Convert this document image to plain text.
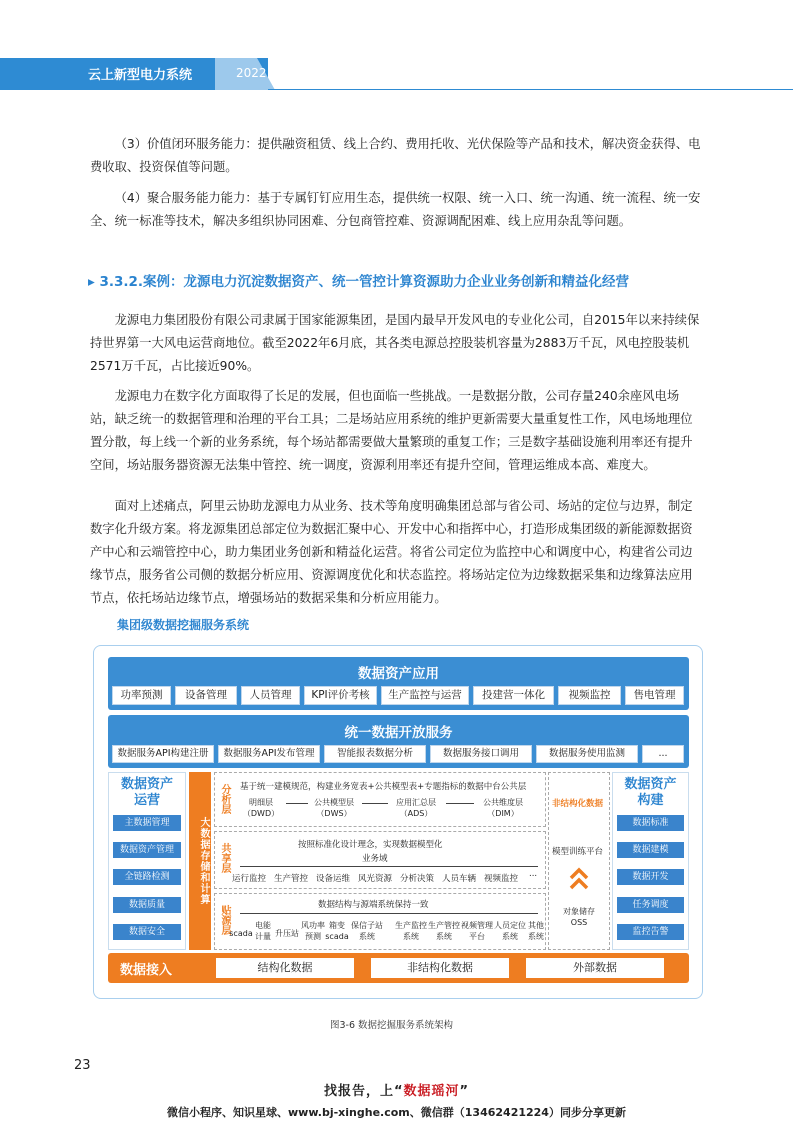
云上新型电力系统	2022

（3）价值闭环服务能力：提供融资租赁、线上合约、费用托收、光伏保险等产品和技术，解决资金获得、电费收取、投资保值等问题。

（4）聚合服务能力能力：基于专属钉钉应用生态，提供统一权限、统一入口、统一沟通、统一流程、统一安全、统一标准等技术，解决多组织协同困难、分包商管控难、资源调配困难、线上应用杂乱等问题。

▸ 3.3.2.案例：龙源电力沉淀数据资产、统一管控计算资源助力企业业务创新和精益化经营

龙源电力集团股份有限公司隶属于国家能源集团，是国内最早开发风电的专业化公司，自2015年以来持续保持世界第一大风电运营商地位。截至2022年6月底，其各类电源总控股装机容量为2883万千瓦，风电控股装机2571万千瓦，占比接近90%。

龙源电力在数字化方面取得了长足的发展，但也面临一些挑战。一是数据分散，公司存量240余座风电场站，缺乏统一的数据管理和治理的平台工具；二是场站应用系统的维护更新需要大量重复性工作，风电场地理位置分散，每上线一个新的业务系统，每个场站都需要做大量繁琐的重复工作；三是数字基础设施利用率还有提升空间，场站服务器资源无法集中管控、统一调度，资源利用率还有提升空间，管理运维成本高、难度大。

面对上述痛点，阿里云协助龙源电力从业务、技术等角度明确集团总部与省公司、场站的定位与边界，制定数字化升级方案。将龙源集团总部定位为数据汇聚中心、开发中心和指挥中心，打造形成集团级的新能源数据资产中心和云端管控中心，助力集团业务创新和精益化运营。将省公司定位为监控中心和调度中心，构建省公司边缘节点，服务省公司侧的数据分析应用、资源调度优化和状态监控。将场站定位为边缘数据采集和边缘算法应用节点，依托场站边缘节点，增强场站的数据采集和分析应用能力。

集团级数据挖掘服务系统
数据资产应用
功率预测	设备管理	人员管理	KPI评价考核	生产监控与运营	投建营一体化	视频监控	售电管理
统一数据开放服务
数据服务API构建注册	数据服务API发布管理	智能报表数据分析	数据服务接口调用	数据服务使用监测	...
数据资产
运营
主数据管理
数据资产管理
全链路检测
数据质量
数据安全
大数据存储和计算
分析层 基于统一建模规范，构建业务宽表+公共模型表+专题指标的数据中台公共层
明细层
（DWD）
公共模型层
（DWS）
应用汇总层
（ADS）
公共维度层
（DIM）
共享层	按照标准化设计理念，实现数据模型化
业务域
运行监控 生产管控 设备运维 风光资源 分析决策 人员车辆 视频监控 ...
贴源层	数据结构与源端系统保持一致
scada
电能
计量 升压站
风功率
预测
箱变
scada
保信子站
系统
生产监控
系统
生产管控
系统
视频管理
平台
人员定位
系统
其他
系统
非结构化数据
模型训练平台
对象储存
OSS
数据资产
构建
数据标准
数据建模
数据开发
任务调度
监控告警
数据接入	结构化数据	非结构化数据	外部数据
图3-6 数据挖掘服务系统架构
23
找报告，上“数据瑶河”
微信小程序、知识星球、www.bj-xinghe.com、微信群（13462421224）同步分享更新
